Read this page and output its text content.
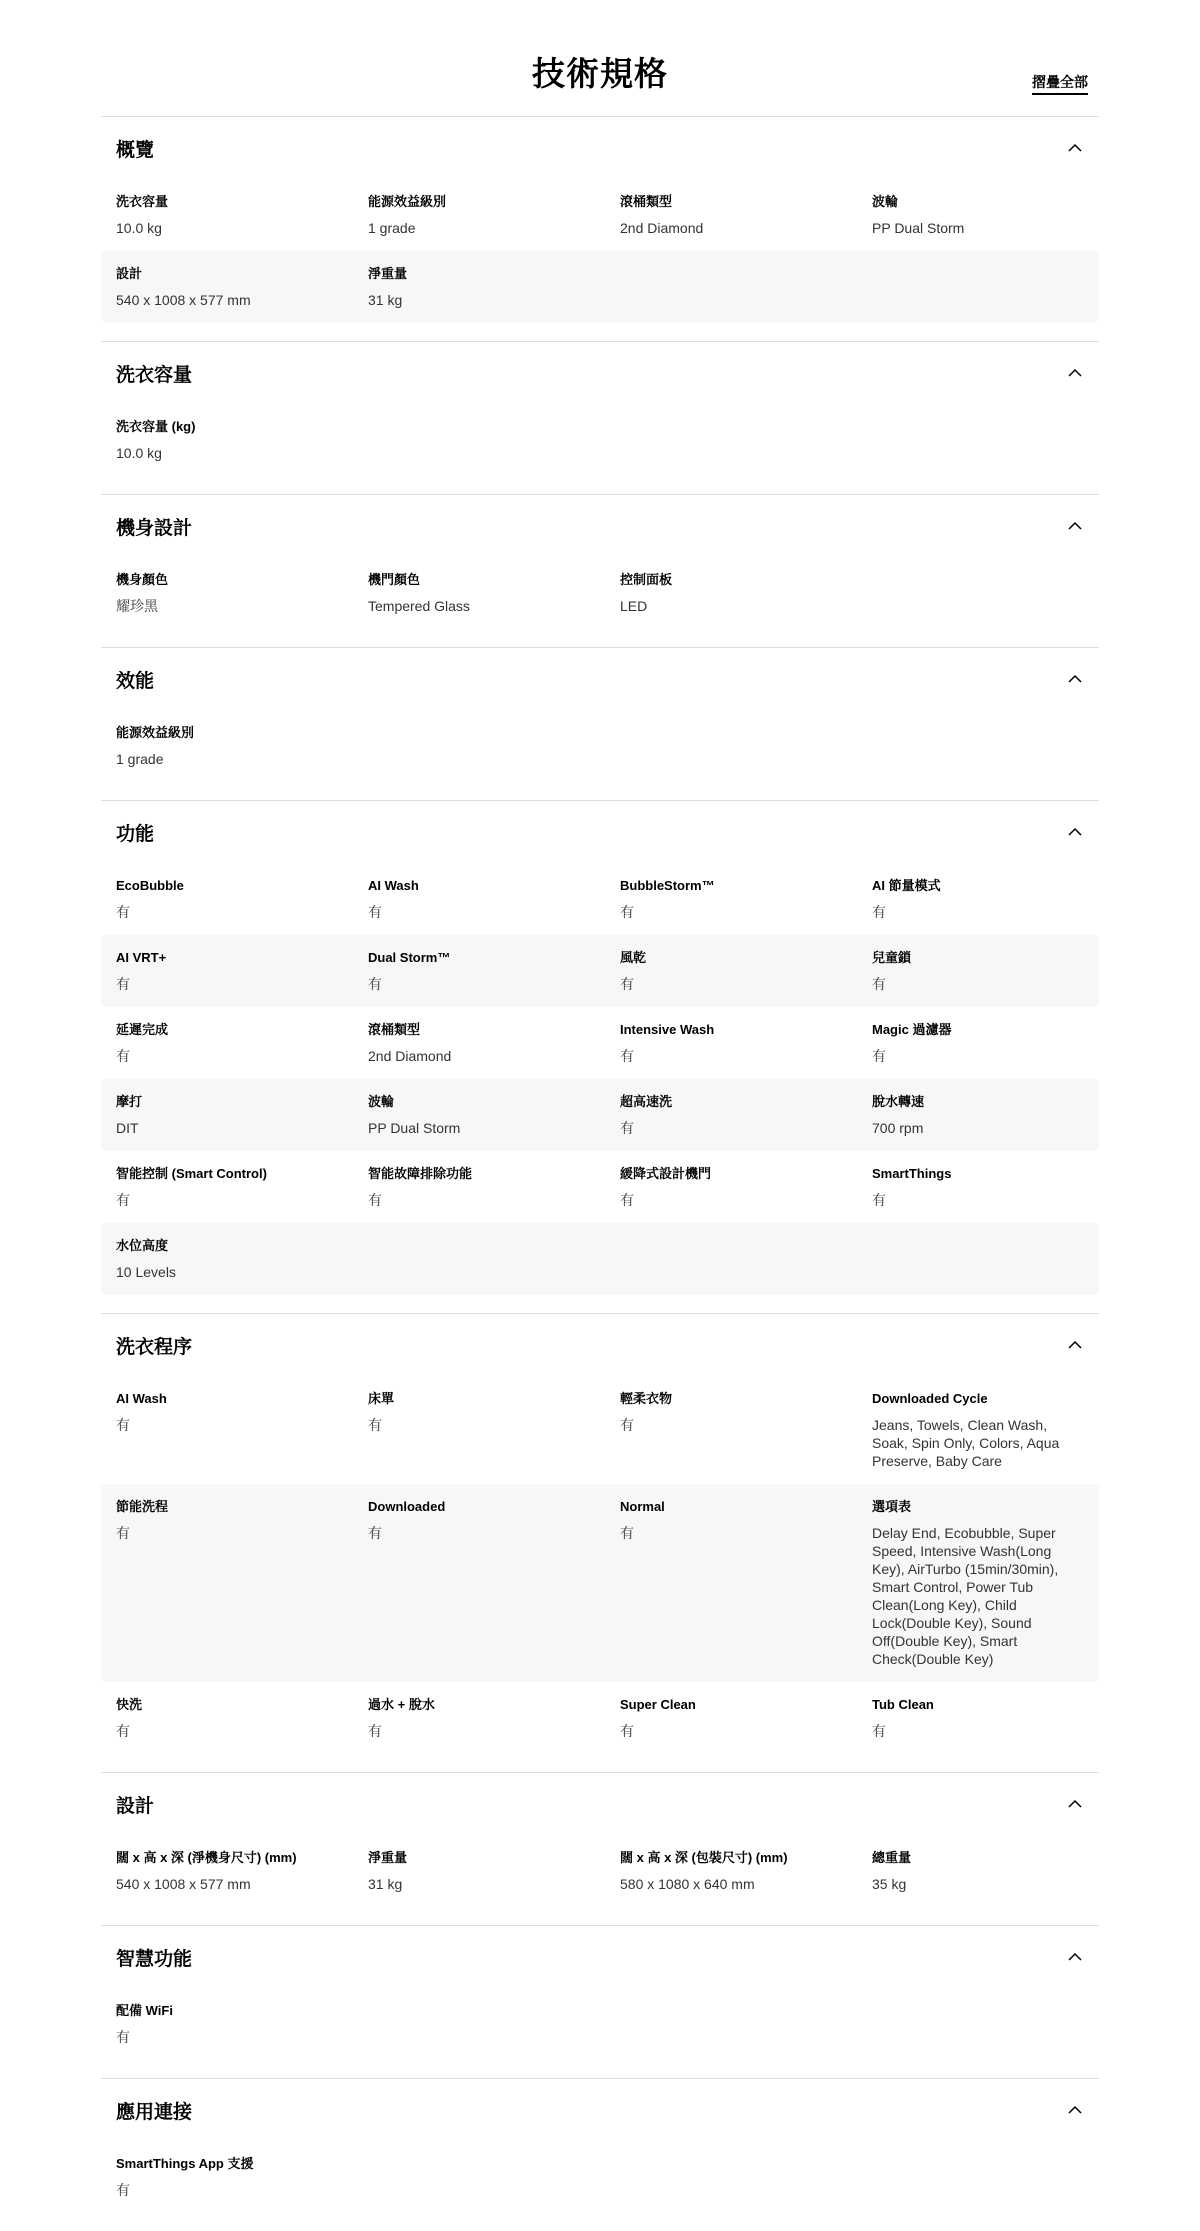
技術規格	摺疊全部
概覽
洗衣容量
10.0 kg
能源效益級別
1 grade
滾桶類型
2nd Diamond
波輪
PP Dual Storm
設計
540 x 1008 x 577 mm
淨重量
31 kg
洗衣容量
洗衣容量 (kg)
10.0 kg
機身設計
機身顏色
耀珍黑
機門顏色
Tempered Glass
控制面板
LED
效能
能源效益級別
1 grade
功能
EcoBubble
有
AI Wash
有
BubbleStorm™
有
AI 節量模式
有
AI VRT+
有
Dual Storm™
有
風乾
有
兒童鎖
有
延遲完成
有
滾桶類型
2nd Diamond
Intensive Wash
有
Magic 過濾器
有
摩打
DIT
波輪
PP Dual Storm
超高速洗
有
脫水轉速
700 rpm
智能控制 (Smart Control)
有
智能故障排除功能
有
緩降式設計機門
有
SmartThings
有
水位高度
10 Levels
洗衣程序
AI Wash
有
床單
有
輕柔衣物
有
Downloaded Cycle
Jeans, Towels, Clean Wash, Soak, Spin Only, Colors, Aqua Preserve, Baby Care
節能洗程
有
Downloaded
有
Normal
有
選項表
Delay End, Ecobubble, Super Speed, Intensive Wash(Long Key), AirTurbo (15min/30min), Smart Control, Power Tub Clean(Long Key), Child Lock(Double Key), Sound Off(Double Key), Smart Check(Double Key)
快洗
有
過水 + 脫水
有
Super Clean
有
Tub Clean
有
設計
闊 x 高 x 深 (淨機身尺寸) (mm)
540 x 1008 x 577 mm
淨重量
31 kg
闊 x 高 x 深 (包裝尺寸) (mm)
580 x 1080 x 640 mm
總重量
35 kg
智慧功能
配備 WiFi
有
應用連接
SmartThings App 支援
有
